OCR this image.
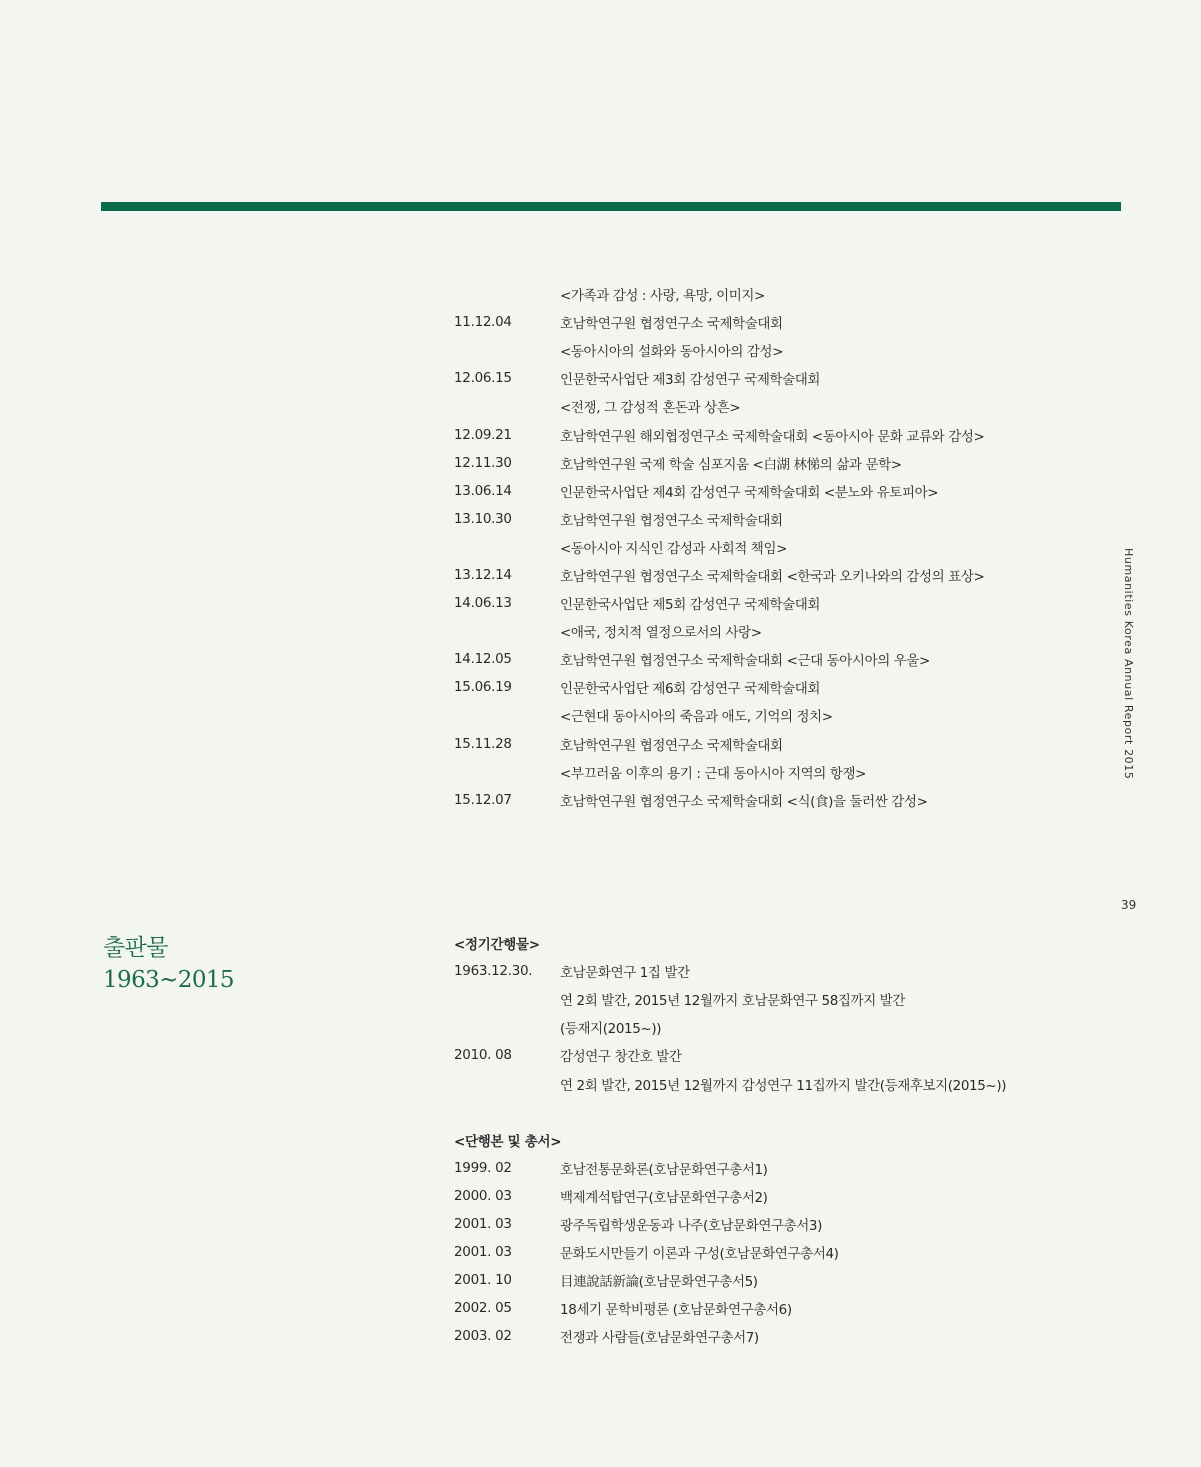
<가족과 감성 : 사랑, 욕망, 이미지>
11.12.04	호남학연구원 협정연구소 국제학술대회
<동아시아의 설화와 동아시아의 감성>
12.06.15	인문한국사업단 제3회 감성연구 국제학술대회
<전쟁, 그 감성적 혼돈과 상흔>
12.09.21	호남학연구원 해외협정연구소 국제학술대회 <동아시아 문화 교류와 감성>
12.11.30	호남학연구원 국제 학술 심포지움 <白湖 林悌의 삶과 문학>
13.06.14	인문한국사업단 제4회 감성연구 국제학술대회 <분노와 유토피아>
13.10.30	호남학연구원 협정연구소 국제학술대회
<동아시아 지식인 감성과 사회적 책임>
13.12.14	호남학연구원 협정연구소 국제학술대회 <한국과 오키나와의 감성의 표상>
14.06.13	인문한국사업단 제5회 감성연구 국제학술대회
<애국, 정치적 열정으로서의 사랑>
14.12.05	호남학연구원 협정연구소 국제학술대회 <근대 동아시아의 우울>
15.06.19	인문한국사업단 제6회 감성연구 국제학술대회
<근현대 동아시아의 죽음과 애도, 기억의 정치>
15.11.28	호남학연구원 협정연구소 국제학술대회
<부끄러움 이후의 용기 : 근대 동아시아 지역의 항쟁>
15.12.07	호남학연구원 협정연구소 국제학술대회 <식(食)을 둘러싼 감성>
Humanities Korea Annual Report 2015
39
출판물
1963~2015
<정기간행물>
1963.12.30.	호남문화연구 1집 발간
연 2회 발간, 2015년 12월까지 호남문화연구 58집까지 발간
(등재지(2015~))
2010. 08	감성연구 창간호 발간
연 2회 발간, 2015년 12월까지 감성연구 11집까지 발간(등재후보지(2015~))
<단행본 및 총서>
1999. 02	호남전통문화론(호남문화연구총서1)
2000. 03	백제계석탑연구(호남문화연구총서2)
2001. 03	광주독립학생운동과 나주(호남문화연구총서3)
2001. 03	문화도시만들기 이론과 구성(호남문화연구총서4)
2001. 10	目連說話新論(호남문화연구총서5)
2002. 05	18세기 문학비평론 (호남문화연구총서6)
2003. 02	전쟁과 사람들(호남문화연구총서7)
